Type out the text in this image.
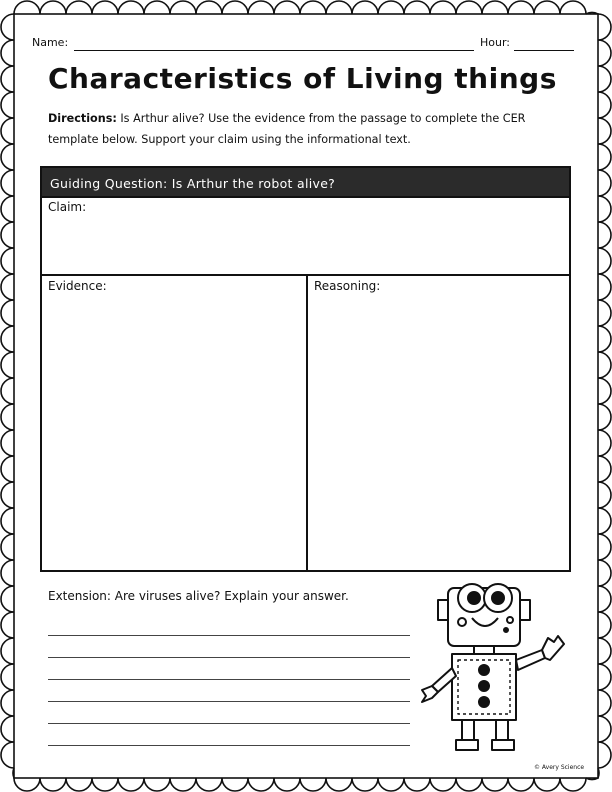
Name:	Hour:
Characteristics of Living things
Directions: Is Arthur alive? Use the evidence from the passage to complete the CER template below. Support your claim using the informational text.
Guiding Question: Is Arthur the robot alive?
Claim:
Evidence:	Reasoning:
Extension: Are viruses alive? Explain your answer.
© Avery Science
